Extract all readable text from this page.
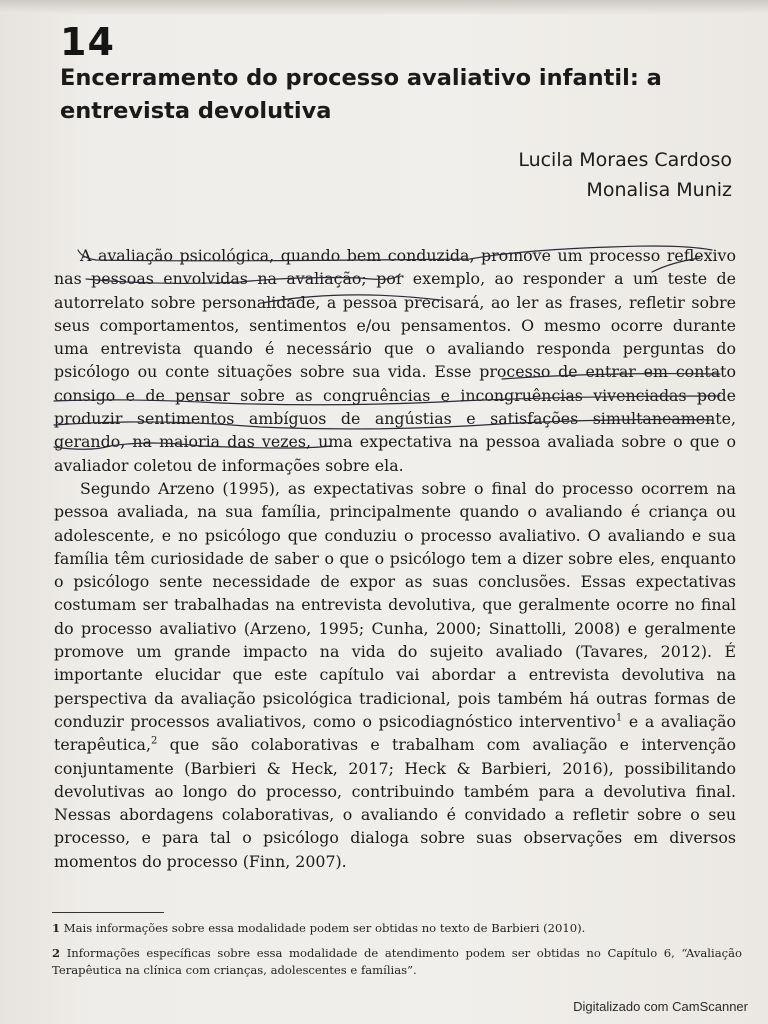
14
Encerramento do processo avaliativo infantil: a entrevista devolutiva
Lucila Moraes Cardoso
Monalisa Muniz

A avaliação psicológica, quando bem conduzida, promove um processo reflexivo nas pessoas envolvidas na avaliação; por exemplo, ao responder a um teste de autorrelato sobre personalidade, a pessoa precisará, ao ler as frases, refletir sobre seus comportamentos, sentimentos e/ou pensamentos. O mesmo ocorre durante uma entrevista quando é necessário que o avaliando responda perguntas do psicólogo ou conte situações sobre sua vida. Esse processo de entrar em contato consigo e de pensar sobre as congruências e incongruências vivenciadas pode produzir sentimentos ambíguos de angústias e satisfações simultaneamente, gerando, na maioria das vezes, uma expectativa na pessoa avaliada sobre o que o avaliador coletou de informações sobre ela.

Segundo Arzeno (1995), as expectativas sobre o final do processo ocorrem na pessoa avaliada, na sua família, principalmente quando o avaliando é criança ou adolescente, e no psicólogo que conduziu o processo avaliativo. O avaliando e sua família têm curiosidade de saber o que o psicólogo tem a dizer sobre eles, enquanto o psicólogo sente necessidade de expor as suas conclusões. Essas expectativas costumam ser trabalhadas na entrevista devolutiva, que geralmente ocorre no final do processo avaliativo (Arzeno, 1995; Cunha, 2000; Sinattolli, 2008) e geralmente promove um grande impacto na vida do sujeito avaliado (Tavares, 2012). É importante elucidar que este capítulo vai abordar a entrevista devolutiva na perspectiva da avaliação psicológica tradicional, pois também há outras formas de conduzir processos avaliativos, como o psicodiagnóstico interventivo$^1$ e a avaliação terapêutica,$^2$ que são colaborativas e trabalham com avaliação e intervenção conjuntamente (Barbieri & Heck, 2017; Heck & Barbieri, 2016), possibilitando devolutivas ao longo do processo, contribuindo também para a devolutiva final. Nessas abordagens colaborativas, o avaliando é convidado a refletir sobre o seu processo, e para tal o psicólogo dialoga sobre suas observações em diversos momentos do processo (Finn, 2007).

1 Mais informações sobre essa modalidade podem ser obtidas no texto de Barbieri (2010).

2 Informações específicas sobre essa modalidade de atendimento podem ser obtidas no Capítulo 6, “Avaliação Terapêutica na clínica com crianças, adolescentes e famílias”.

Digitalizado com CamScanner
